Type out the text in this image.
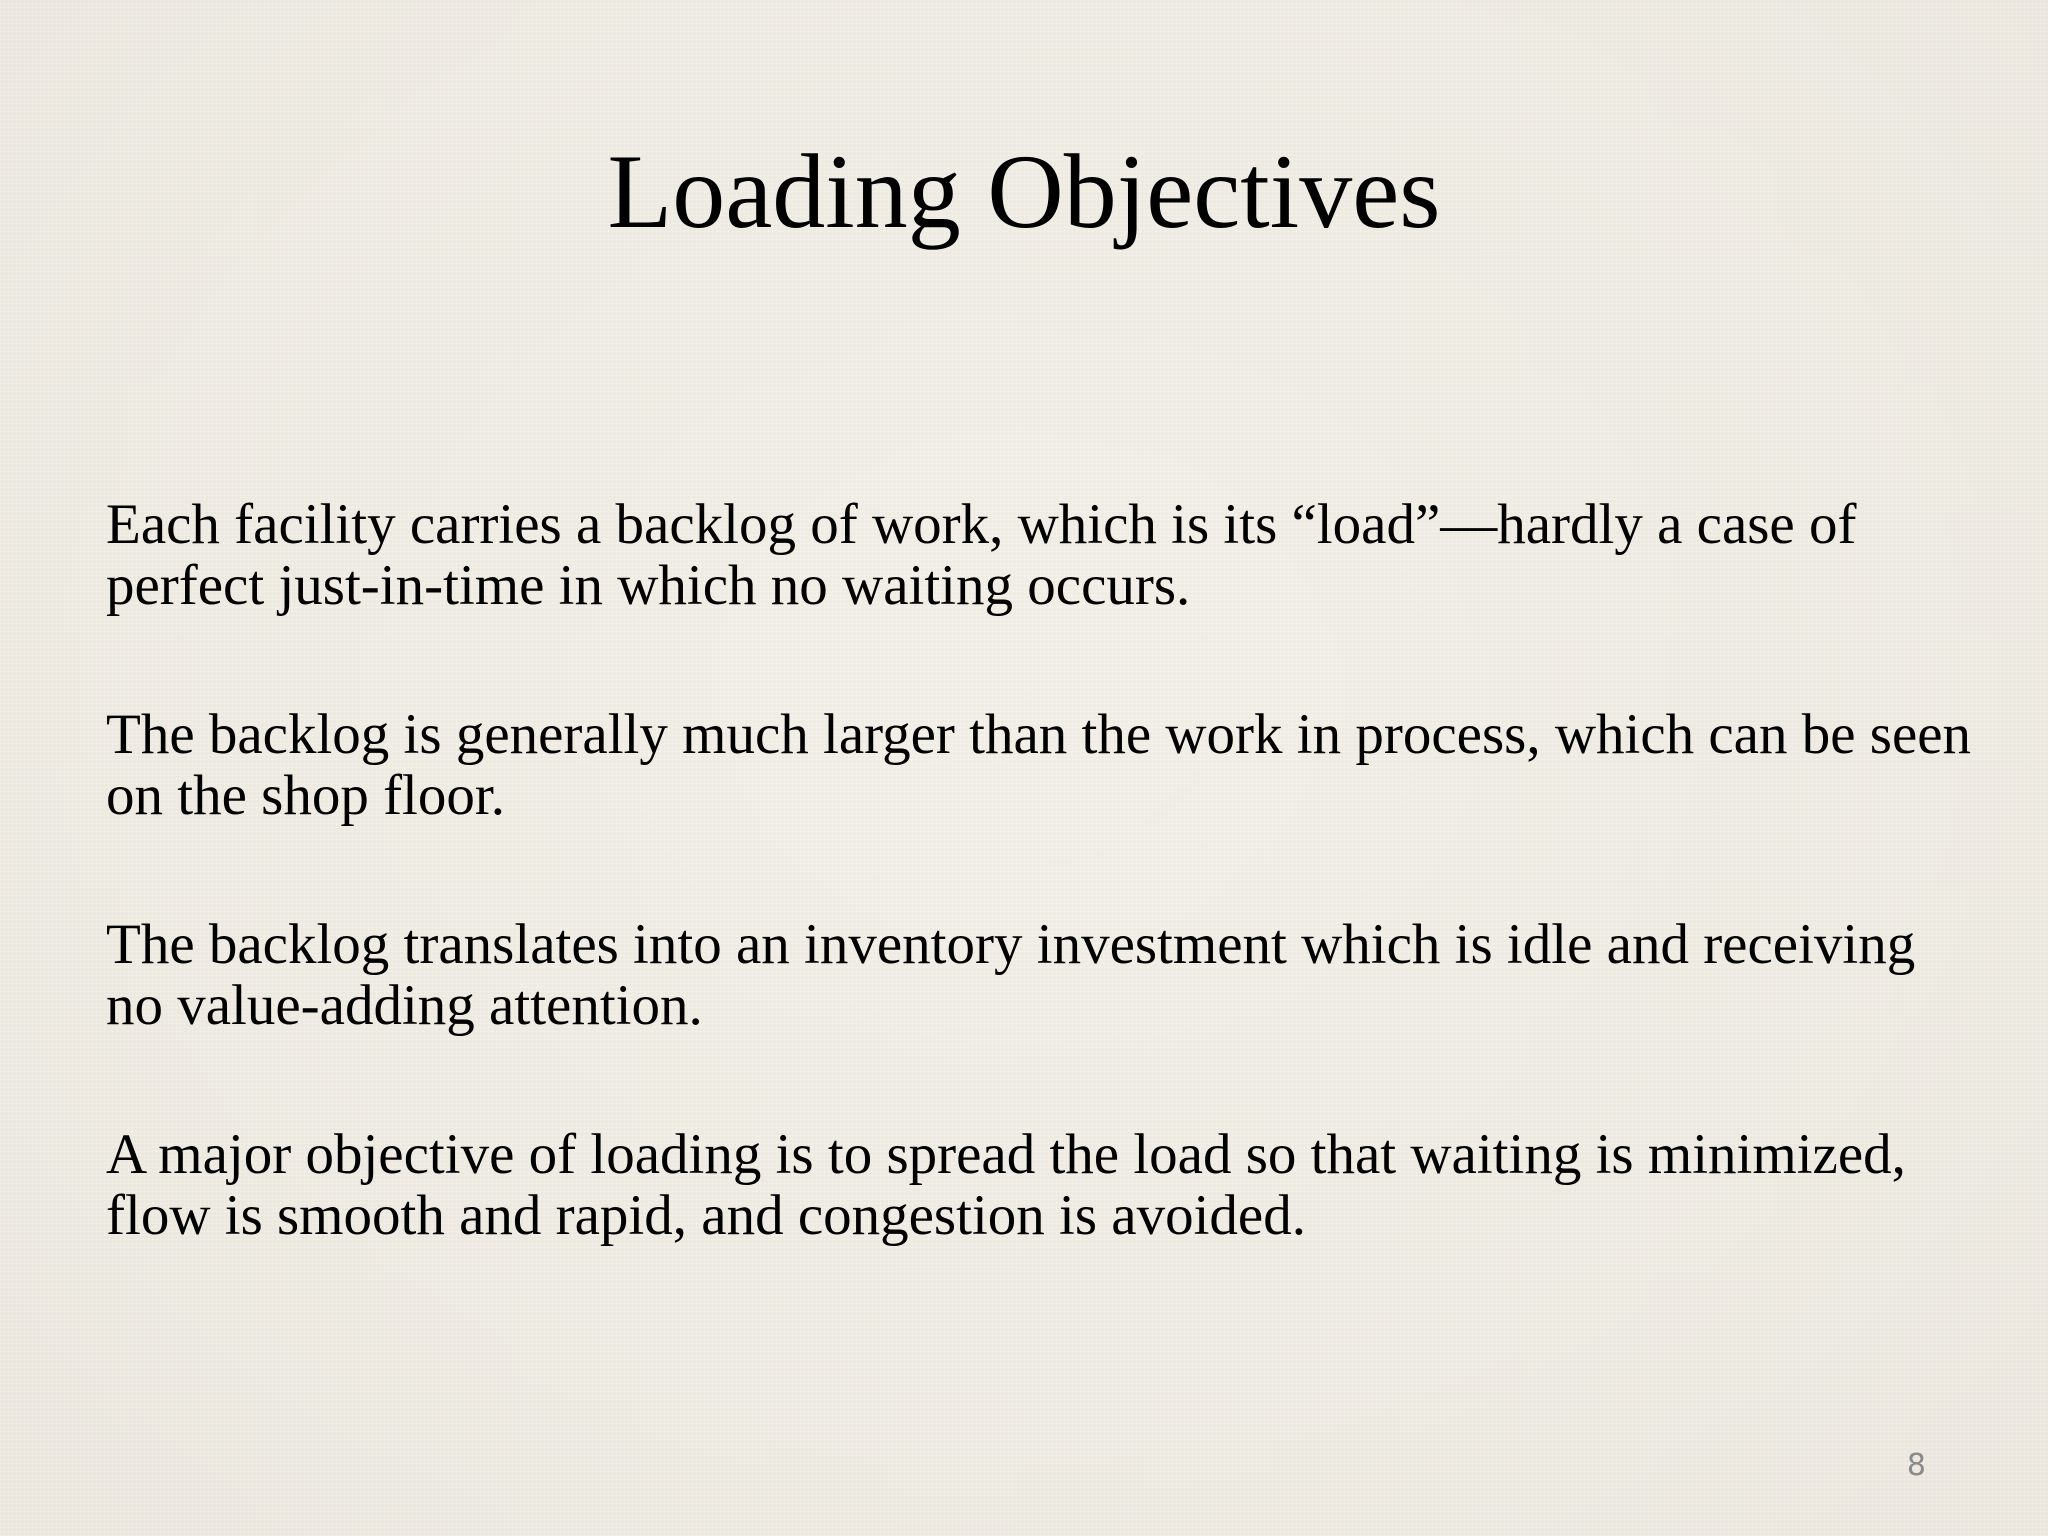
Loading Objectives

Each facility carries a backlog of work, which is its “load”—hardly a case of perfect just-in-time in which no waiting occurs.

The backlog is generally much larger than the work in process, which can be seen on the shop floor.

The backlog translates into an inventory investment which is idle and receiving no value-adding attention.

A major objective of loading is to spread the load so that waiting is minimized, flow is smooth and rapid, and congestion is avoided.

8
